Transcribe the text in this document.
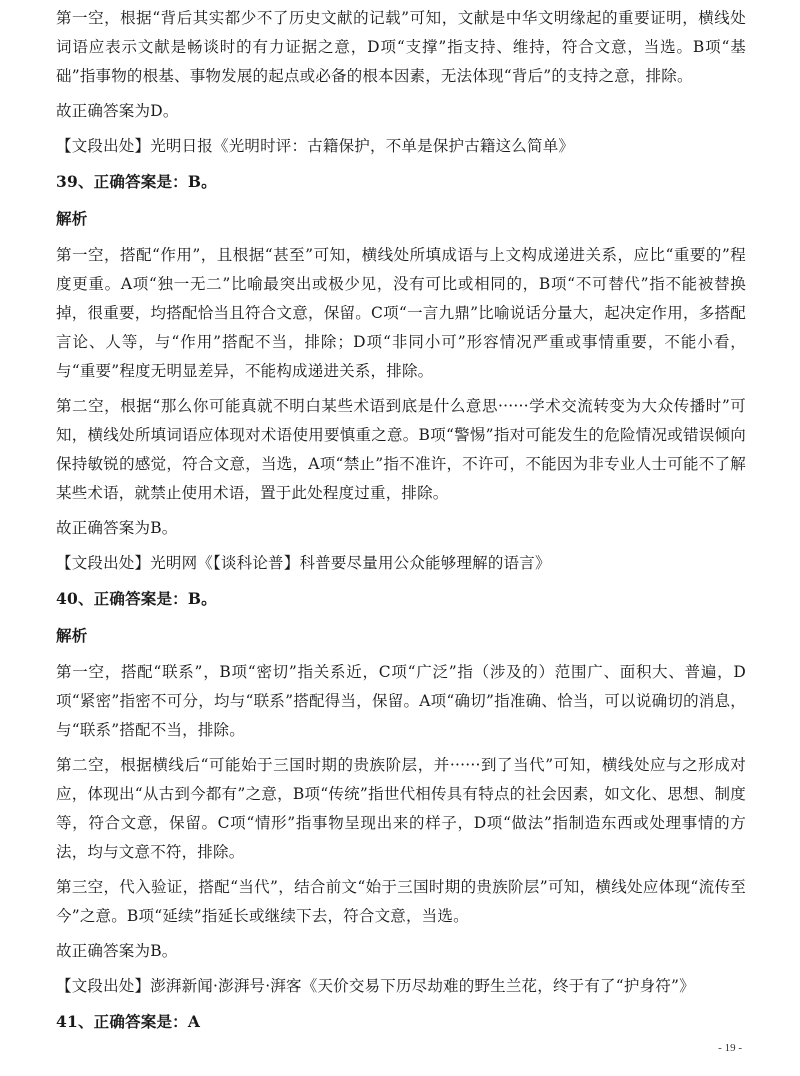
第一空，根据“背后其实都少不了历史文献的记载”可知，文献是中华文明缘起的重要证明，横线处词语应表示文献是畅谈时的有力证据之意，D项“支撑”指支持、维持，符合文意，当选。B项“基础”指事物的根基、事物发展的起点或必备的根本因素，无法体现“背后”的支持之意，排除。

故正确答案为D。

【文段出处】光明日报《光明时评：古籍保护，不单是保护古籍这么简单》

39、正确答案是：B。

解析

第一空，搭配“作用”，且根据“甚至”可知，横线处所填成语与上文构成递进关系，应比“重要的”程度更重。A项“独一无二”比喻最突出或极少见，没有可比或相同的，B项“不可替代”指不能被替换掉，很重要，均搭配恰当且符合文意，保留。C项“一言九鼎”比喻说话分量大，起决定作用，多搭配言论、人等，与“作用”搭配不当，排除；D项“非同小可”形容情况严重或事情重要，不能小看，与“重要”程度无明显差异，不能构成递进关系，排除。

第二空，根据“那么你可能真就不明白某些术语到底是什么意思······学术交流转变为大众传播时”可知，横线处所填词语应体现对术语使用要慎重之意。B项“警惕”指对可能发生的危险情况或错误倾向保持敏锐的感觉，符合文意，当选，A项“禁止”指不准许，不许可，不能因为非专业人士可能不了解某些术语，就禁止使用术语，置于此处程度过重，排除。

故正确答案为B。

【文段出处】光明网《【谈科论普】科普要尽量用公众能够理解的语言》

40、正确答案是：B。

解析

第一空，搭配“联系”，B项“密切”指关系近，C项“广泛”指（涉及的）范围广、面积大、普遍，D项“紧密”指密不可分，均与“联系”搭配得当，保留。A项“确切”指准确、恰当，可以说确切的消息，与“联系”搭配不当，排除。

第二空，根据横线后“可能始于三国时期的贵族阶层，并······到了当代”可知，横线处应与之形成对应，体现出“从古到今都有”之意，B项“传统”指世代相传具有特点的社会因素，如文化、思想、制度等，符合文意，保留。C项“情形”指事物呈现出来的样子，D项“做法”指制造东西或处理事情的方法，均与文意不符，排除。

第三空，代入验证，搭配“当代”，结合前文“始于三国时期的贵族阶层”可知，横线处应体现“流传至今”之意。B项“延续”指延长或继续下去，符合文意，当选。

故正确答案为B。

【文段出处】澎湃新闻·澎湃号·湃客《天价交易下历尽劫难的野生兰花，终于有了“护身符”》

41、正确答案是：A

- 19 -
